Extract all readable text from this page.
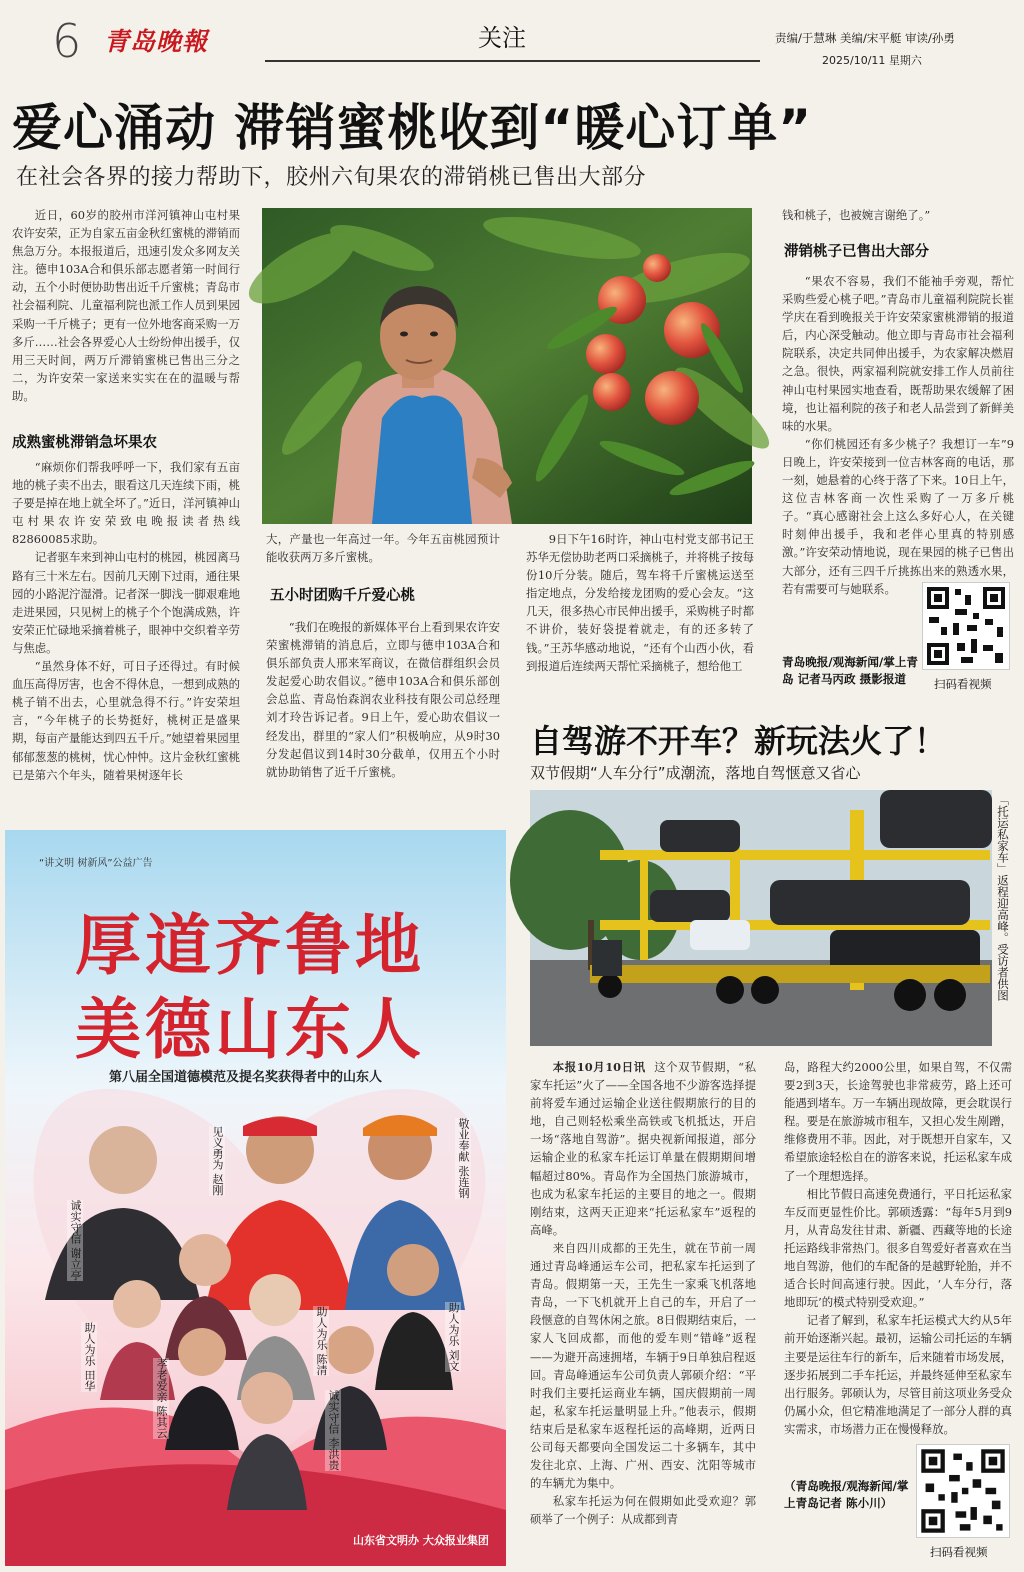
6 青岛晚報	关注	责编/于慧琳 美编/宋平艇 审读/孙勇
2025/10/11 星期六
爱心涌动 滞销蜜桃收到“暖心订单”
在社会各界的接力帮助下，胶州六旬果农的滞销桃已售出大部分

近日，60岁的胶州市洋河镇神山屯村果农许安荣，正为自家五亩金秋红蜜桃的滞销而焦急万分。本报报道后，迅速引发众多网友关注。德申103A合和俱乐部志愿者第一时间行动，五个小时便协助售出近千斤蜜桃；青岛市社会福利院、儿童福利院也派工作人员到果园采购一千斤桃子；更有一位外地客商采购一万多斤……社会各界爱心人士纷纷伸出援手，仅用三天时间，两万斤滞销蜜桃已售出三分之二，为许安荣一家送来实实在在的温暖与帮助。

成熟蜜桃滞销急坏果农

“麻烦你们帮我呼呼一下，我们家有五亩地的桃子卖不出去，眼看这几天连续下雨，桃子要是掉在地上就全坏了。”近日，洋河镇神山屯村果农许安荣致电晚报读者热线82860085求助。

记者驱车来到神山屯村的桃园，桃园离马路有三十米左右。因前几天刚下过雨，通往果园的小路泥泞湿滑。记者深一脚浅一脚艰难地走进果园，只见树上的桃子个个饱满成熟，许安荣正忙碌地采摘着桃子，眼神中交织着辛劳与焦虑。

“虽然身体不好，可日子还得过。有时候血压高得厉害，也舍不得休息，一想到成熟的桃子销不出去，心里就急得不行。”许安荣坦言，“今年桃子的长势挺好，桃树正是盛果期，每亩产量能达到四五千斤。”她望着果园里郁郁葱葱的桃树，忧心忡忡。这片金秋红蜜桃已是第六个年头，随着果树逐年长

大，产量也一年高过一年。今年五亩桃园预计能收获两万多斤蜜桃。

五小时团购千斤爱心桃

“我们在晚报的新媒体平台上看到果农许安荣蜜桃滞销的消息后，立即与德申103A合和俱乐部负责人邢来军商议，在微信群组织会员发起爱心助农倡议。”德申103A合和俱乐部创会总监、青岛怡森润农业科技有限公司总经理刘才玲告诉记者。9日上午，爱心助农倡议一经发出，群里的“家人们”积极响应，从9时30分发起倡议到14时30分截单，仅用五个小时就协助销售了近千斤蜜桃。

9日下午16时许，神山屯村党支部书记王苏华无偿协助老两口采摘桃子，并将桃子按每份10斤分装。随后，驾车将千斤蜜桃运送至指定地点，分发给接龙团购的爱心会友。“这几天，很多热心市民伸出援手，采购桃子时都不讲价，装好袋提着就走，有的还多转了钱。”王苏华感动地说，“还有个山西小伙，看到报道后连续两天帮忙采摘桃子，想给他工

钱和桃子，也被婉言谢绝了。”

滞销桃子已售出大部分

“果农不容易，我们不能袖手旁观，帮忙采购些爱心桃子吧。”青岛市儿童福利院院长崔学庆在看到晚报关于许安荣家蜜桃滞销的报道后，内心深受触动。他立即与青岛市社会福利院联系，决定共同伸出援手，为农家解决燃眉之急。很快，两家福利院就安排工作人员前往神山屯村果园实地查看，既帮助果农缓解了困境，也让福利院的孩子和老人品尝到了新鲜美味的水果。

“你们桃园还有多少桃子？我想订一车”9日晚上，许安荣接到一位吉林客商的电话，那一刻，她悬着的心终于落了下来。10日上午，这位吉林客商一次性采购了一万多斤桃子。“真心感谢社会上这么多好心人，在关键时刻伸出援手，我和老伴心里真的特别感激。”许安荣动情地说，现在果园的桃子已售出大部分，还有三四千斤挑拣出来的熟透水果，若有需要可与她联系。

青岛晚报/观海新闻/掌上青岛 记者马丙政 摄影报道	扫码看视频
自驾游不开车？新玩法火了！
双节假期“人车分行”成潮流，落地自驾惬意又省心
「托运私家车」返程迎高峰。受访者供图

本报10月10日讯 这个双节假期，“私家车托运”火了——全国各地不少游客选择提前将爱车通过运输企业送往假期旅行的目的地，自己则轻松乘坐高铁或飞机抵达，开启一场“落地自驾游”。据央视新闻报道，部分运输企业的私家车托运订单量在假期期间增幅超过80%。青岛作为全国热门旅游城市，也成为私家车托运的主要目的地之一。假期刚结束，这两天正迎来“托运私家车”返程的高峰。

来自四川成都的王先生，就在节前一周通过青岛峰通运车公司，把私家车托运到了青岛。假期第一天，王先生一家乘飞机落地青岛，一下飞机就开上自己的车，开启了一段惬意的自驾休闲之旅。8日假期结束后，一家人飞回成都，而他的爱车则“错峰”返程——为避开高速拥堵，车辆于9日单独启程返回。青岛峰通运车公司负责人郭硕介绍：“平时我们主要托运商业车辆，国庆假期前一周起，私家车托运量明显上升。”他表示，假期结束后是私家车返程托运的高峰期，近两日公司每天都要向全国发运二十多辆车，其中发往北京、上海、广州、西安、沈阳等城市的车辆尤为集中。

私家车托运为何在假期如此受欢迎？郭硕举了一个例子：从成都到青

岛，路程大约2000公里，如果自驾，不仅需要2到3天，长途驾驶也非常疲劳，路上还可能遇到堵车。万一车辆出现故障，更会耽误行程。要是在旅游城市租车，又担心发生剐蹭，维修费用不菲。因此，对于既想开自家车，又希望旅途轻松自在的游客来说，托运私家车成了一个理想选择。

相比节假日高速免费通行，平日托运私家车反而更显性价比。郭硕透露：“每年5月到9月，从青岛发往甘肃、新疆、西藏等地的长途托运路线非常热门。很多自驾爱好者喜欢在当地自驾游，他们的车配备的是越野轮胎，并不适合长时间高速行驶。因此，‘人车分行，落地即玩’的模式特别受欢迎。”

记者了解到，私家车托运模式大约从5年前开始逐渐兴起。最初，运输公司托运的车辆主要是运往车行的新车，后来随着市场发展，逐步拓展到二手车托运，并最终延伸至私家车出行服务。郭硕认为，尽管目前这项业务受众仍属小众，但它精准地满足了一部分人群的真实需求，市场潜力正在慢慢释放。

（青岛晚报/观海新闻/掌上青岛记者 陈小川）
扫码看视频
“讲文明 树新风”公益广告
厚道齐鲁地
美德山东人
第八届全国道德模范及提名奖获得者中的山东人
诚实守信 谢立亭
见义勇为 赵刚	敬业奉献 张连钢
助人为乐 田华
孝老爱亲 陈其云
助人为乐 陈清
诚实守信 李洪贵
助人为乐 刘文
山东省文明办 大众报业集团
